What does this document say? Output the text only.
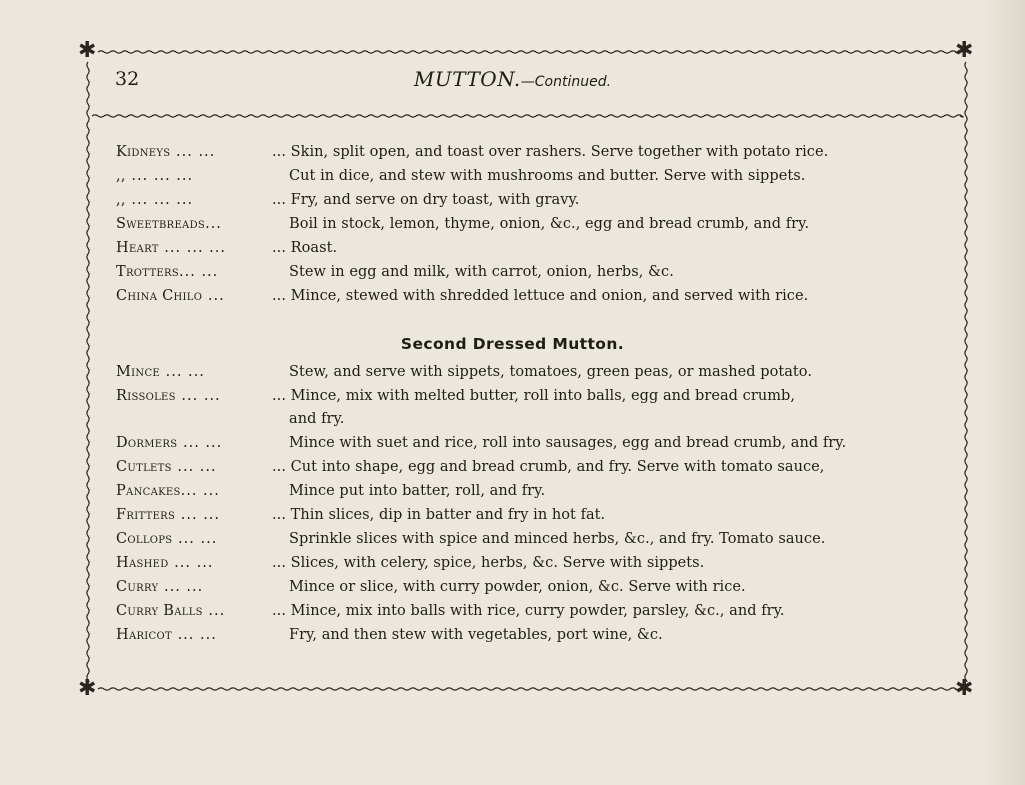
✱	✱
✱	✱
32	MUTTON.—Continued.
Kidneys ... ...	... Skin, split open, and toast over rashers. Serve together with potato rice.
,, ... ... ...	Cut in dice, and stew with mushrooms and butter. Serve with sippets.
,, ... ... ...	... Fry, and serve on dry toast, with gravy.
Sweetbreads...	Boil in stock, lemon, thyme, onion, &c., egg and bread crumb, and fry.
Heart ... ... ...	... Roast.
Trotters... ...	Stew in egg and milk, with carrot, onion, herbs, &c.
China Chilo ...	... Mince, stewed with shredded lettuce and onion, and served with rice.
Second Dressed Mutton.
Mince ... ...	Stew, and serve with sippets, tomatoes, green peas, or mashed potato.
Rissoles ... ...	... Mince, mix with melted butter, roll into balls, egg and bread crumb,
and fry.
Dormers ... ...	Mince with suet and rice, roll into sausages, egg and bread crumb, and fry.
Cutlets ... ...	... Cut into shape, egg and bread crumb, and fry. Serve with tomato sauce,
Pancakes... ...	Mince put into batter, roll, and fry.
Fritters ... ...	... Thin slices, dip in batter and fry in hot fat.
Collops ... ...	Sprinkle slices with spice and minced herbs, &c., and fry. Tomato sauce.
Hashed ... ...	... Slices, with celery, spice, herbs, &c. Serve with sippets.
Curry ... ...	Mince or slice, with curry powder, onion, &c. Serve with rice.
Curry Balls ...	... Mince, mix into balls with rice, curry powder, parsley, &c., and fry.
Haricot ... ...	Fry, and then stew with vegetables, port wine, &c.
